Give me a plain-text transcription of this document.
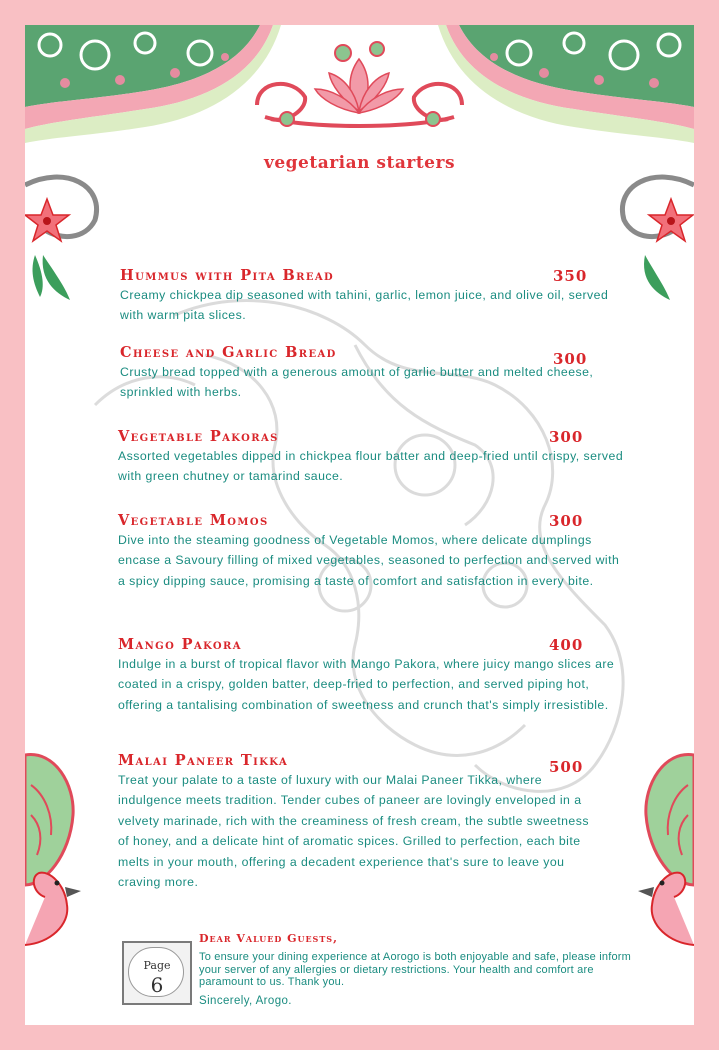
vegetarian starters
Hummus with Pita Bread
Creamy chickpea dip seasoned with tahini, garlic, lemon juice, and olive oil, served with warm pita slices.
350
Cheese and Garlic Bread
Crusty bread topped with a generous amount of garlic butter and melted cheese, sprinkled with herbs.
300
Vegetable Pakoras
Assorted vegetables dipped in chickpea flour batter and deep-fried until crispy, served with green chutney or tamarind sauce.
300
Vegetable Momos
Dive into the steaming goodness of Vegetable Momos, where delicate dumplings encase a Savoury filling of mixed vegetables, seasoned to perfection and served with a spicy dipping sauce, promising a taste of comfort and satisfaction in every bite.
300
Mango Pakora
Indulge in a burst of tropical flavor with Mango Pakora, where juicy mango slices are coated in a crispy, golden batter, deep-fried to perfection, and served piping hot, offering a tantalising combination of sweetness and crunch that's simply irresistible.
400
Malai Paneer Tikka
Treat your palate to a taste of luxury with our Malai Paneer Tikka, where indulgence meets tradition. Tender cubes of paneer are lovingly enveloped in a velvety marinade, rich with the creaminess of fresh cream, the subtle sweetness of honey, and a delicate hint of aromatic spices. Grilled to perfection, each bite melts in your mouth, offering a decadent experience that's sure to leave you craving more.
500
Page
6
Dear Valued Guests,
To ensure your dining experience at Aorogo is both enjoyable and safe, please inform your server of any allergies or dietary restrictions. Your health and comfort are paramount to us. Thank you.
Sincerely, Arogo.
